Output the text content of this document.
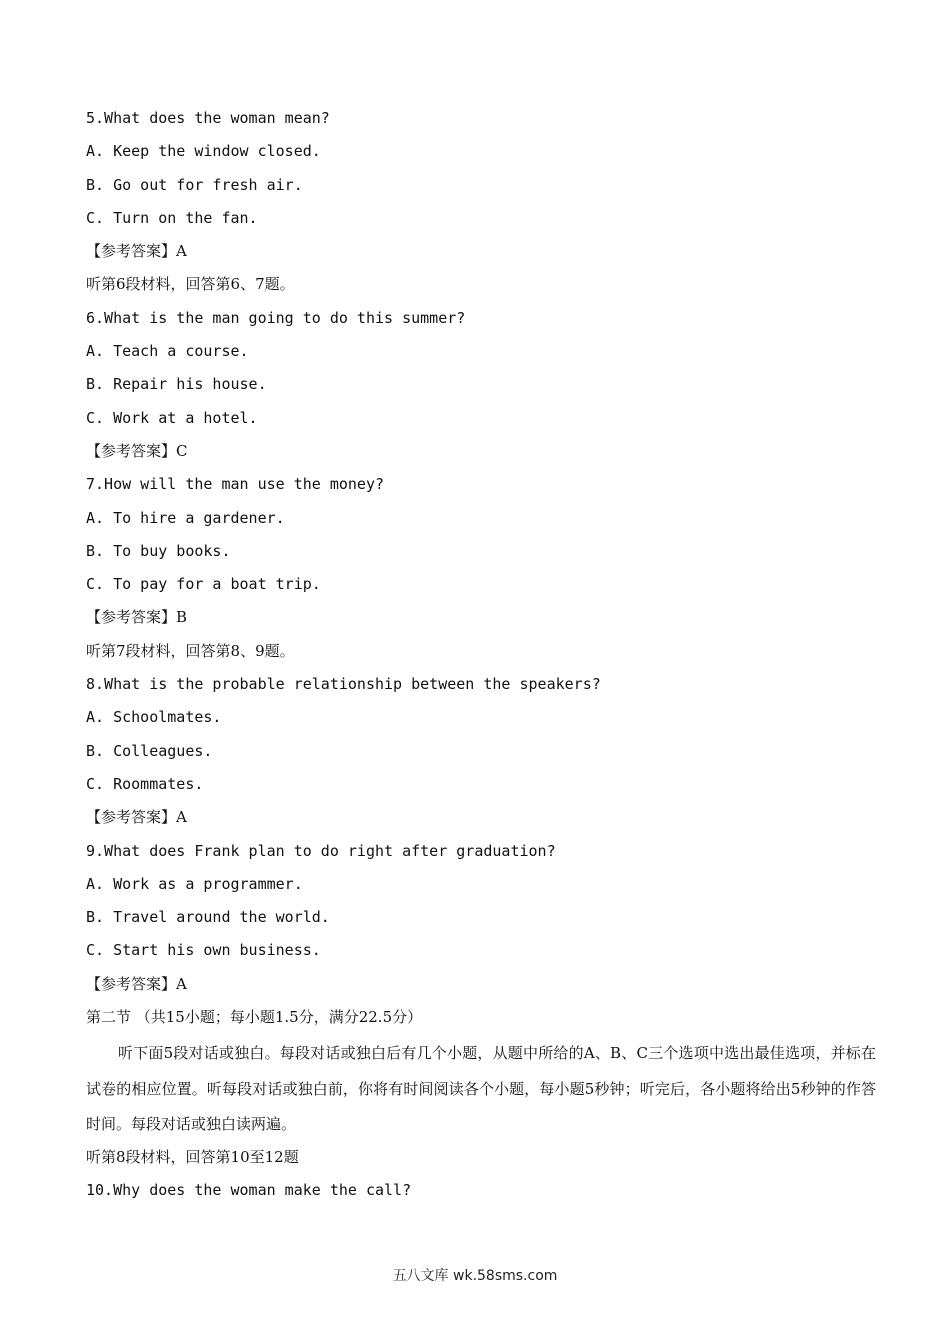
5.What does the woman mean?
A. Keep the window closed.
B. Go out for fresh air.
C. Turn on the fan.
【参考答案】A
听第6段材料，回答第6、7题。
6.What is the man going to do this summer?
A. Teach a course.
B. Repair his house.
C. Work at a hotel.
【参考答案】C
7.How will the man use the money?
A. To hire a gardener.
B. To buy books.
C. To pay for a boat trip.
【参考答案】B
听第7段材料，回答第8、9题。
8.What is the probable relationship between the speakers?
A. Schoolmates.
B. Colleagues.
C. Roommates.
【参考答案】A
9.What does Frank plan to do right after graduation?
A. Work as a programmer.
B. Travel around the world.
C. Start his own business.
【参考答案】A
第二节 （共15小题；每小题1.5分，满分22.5分）

听下面5段对话或独白。每段对话或独白后有几个小题，从题中所给的A、B、C三个选项中选出最佳选项，并标在试卷的相应位置。听每段对话或独白前，你将有时间阅读各个小题，每小题5秒钟；听完后，各小题将给出5秒钟的作答时间。每段对话或独白读两遍。

听第8段材料，回答第10至12题
10.Why does the woman make the call?
五八文库 wk.58sms.com
